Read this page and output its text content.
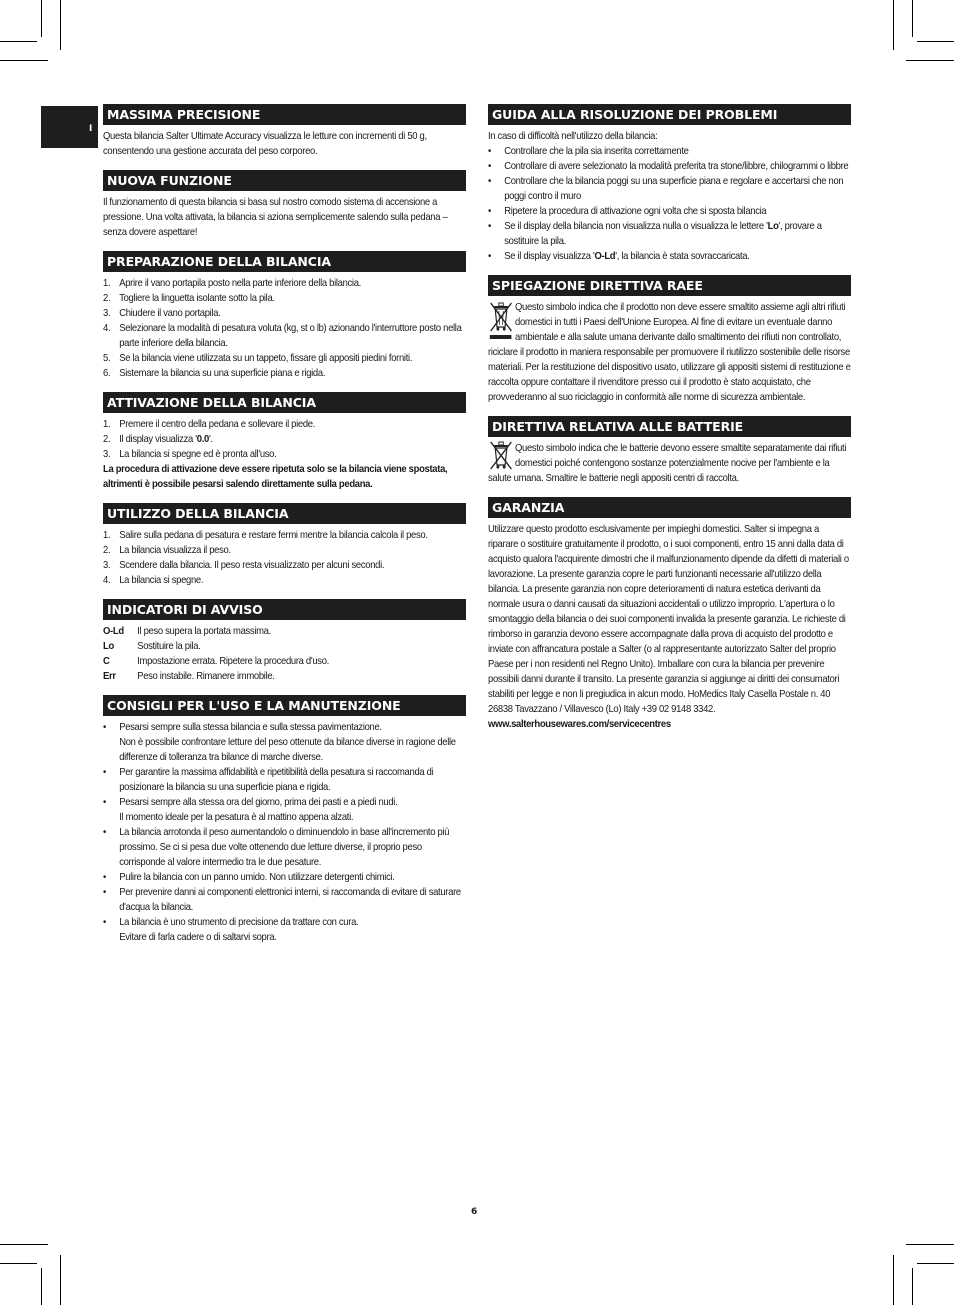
I
MASSIMA PRECISIONE

Questa bilancia Salter Ultimate Accuracy visualizza le letture con incrementi di 50 g, consentendo una gestione accurata del peso corporeo.

NUOVA FUNZIONE

Il funzionamento di questa bilancia si basa sul nostro comodo sistema di accensione a pressione. Una volta attivata, la bilancia si aziona semplicemente salendo sulla pedana – senza dovere aspettare!

PREPARAZIONE DELLA BILANCIA
1. Aprire il vano portapila posto nella parte inferiore della bilancia.
2. Togliere la linguetta isolante sotto la pila.
3. Chiudere il vano portapila.
4. Selezionare la modalità di pesatura voluta (kg, st o lb) azionando l'interruttore posto nella parte inferiore della bilancia.
5. Se la bilancia viene utilizzata su un tappeto, fissare gli appositi piedini forniti.
6. Sistemare la bilancia su una superficie piana e rigida.
ATTIVAZIONE DELLA BILANCIA
1. Premere il centro della pedana e sollevare il piede.
2. Il display visualizza '0.0'.
3. La bilancia si spegne ed è pronta all'uso.

La procedura di attivazione deve essere ripetuta solo se la bilancia viene spostata, altrimenti è possibile pesarsi salendo direttamente sulla pedana.

UTILIZZO DELLA BILANCIA
1. Salire sulla pedana di pesatura e restare fermi mentre la bilancia calcola il peso.
2. La bilancia visualizza il peso.
3. Scendere dalla bilancia. Il peso resta visualizzato per alcuni secondi.
4. La bilancia si spegne.
INDICATORI DI AVVISO
O-Ld	Il peso supera la portata massima.
Lo	Sostituire la pila.
C	Impostazione errata. Ripetere la procedura d'uso.
Err	Peso instabile. Rimanere immobile.
CONSIGLI PER L'USO E LA MANUTENZIONE
• Pesarsi sempre sulla stessa bilancia e sulla stessa pavimentazione.
Non è possibile confrontare letture del peso ottenute da bilance diverse in ragione delle differenze di tolleranza tra bilance di marche diverse.
• Per garantire la massima affidabilità e ripetitibilità della pesatura si raccomanda di posizionare la bilancia su una superficie piana e rigida.
• Pesarsi sempre alla stessa ora del giorno, prima dei pasti e a piedi nudi.
Il momento ideale per la pesatura è al mattino appena alzati.
• La bilancia arrotonda il peso aumentandolo o diminuendolo in base all'incremento più prossimo. Se ci si pesa due volte ottenendo due letture diverse, il proprio peso corrisponde al valore intermedio tra le due pesature.
• Pulire la bilancia con un panno umido. Non utilizzare detergenti chimici.
• Per prevenire danni ai componenti elettronici interni, si raccomanda di evitare di saturare d'acqua la bilancia.
• La bilancia è uno strumento di precisione da trattare con cura.
Evitare di farla cadere o di saltarvi sopra.
GUIDA ALLA RISOLUZIONE DEI PROBLEMI

In caso di difficoltà nell'utilizzo della bilancia:

• Controllare che la pila sia inserita correttamente
• Controllare di avere selezionato la modalità preferita tra stone/libbre, chilogrammi o libbre
• Controllare che la bilancia poggi su una superficie piana e regolare e accertarsi che non poggi contro il muro
• Ripetere la procedura di attivazione ogni volta che si sposta bilancia
• Se il display della bilancia non visualizza nulla o visualizza le lettere 'Lo', provare a sostituire la pila.
• Se il display visualizza 'O-Ld', la bilancia è stata sovraccaricata.
SPIEGAZIONE DIRETTIVA RAEE

Questo simbolo indica che il prodotto non deve essere smaltito assieme agli altri rifiuti domestici in tutti i Paesi dell'Unione Europea. Al fine di evitare un eventuale danno ambientale e alla salute umana derivante dallo smaltimento dei rifiuti non controllato, riciclare il prodotto in maniera responsabile per promuovere il riutilizzo sostenibile delle risorse materiali. Per la restituzione del dispositivo usato, utilizzare gli appositi sistemi di restituzione e raccolta oppure contattare il rivenditore presso cui il prodotto è stato acquistato, che provvederanno al suo riciclaggio in conformità alle norme di sicurezza ambientale.

DIRETTIVA RELATIVA ALLE BATTERIE

Questo simbolo indica che le batterie devono essere smaltite separatamente dai rifiuti domestici poiché contengono sostanze potenzialmente nocive per l'ambiente e la salute umana. Smaltire le batterie negli appositi centri di raccolta.

GARANZIA

Utilizzare questo prodotto esclusivamente per impieghi domestici. Salter si impegna a riparare o sostituire gratuitamente il prodotto, o i suoi componenti, entro 15 anni dalla data di acquisto qualora l'acquirente dimostri che il malfunzionamento dipende da difetti di materiali o lavorazione. La presente garanzia copre le parti funzionanti necessarie all'utilizzo della bilancia. La presente garanzia non copre deterioramenti di natura estetica derivanti da normale usura o danni causati da situazioni accidentali o utilizzo improprio. L'apertura o lo smontaggio della bilancia o dei suoi componenti invalida la presente garanzia. Le richieste di rimborso in garanzia devono essere accompagnate dalla prova di acquisto del prodotto e inviate con affrancatura postale a Salter (o al rappresentante autorizzato Salter del proprio Paese per i non residenti nel Regno Unito). Imballare con cura la bilancia per prevenire possibili danni durante il transito. La presente garanzia si aggiunge ai diritti dei consumatori stabiliti per legge e non li pregiudica in alcun modo. HoMedics Italy Casella Postale n. 40 26838 Tavazzano / Villavesco (Lo) Italy +39 02 9148 3342.

www.salterhousewares.com/servicecentres

6
